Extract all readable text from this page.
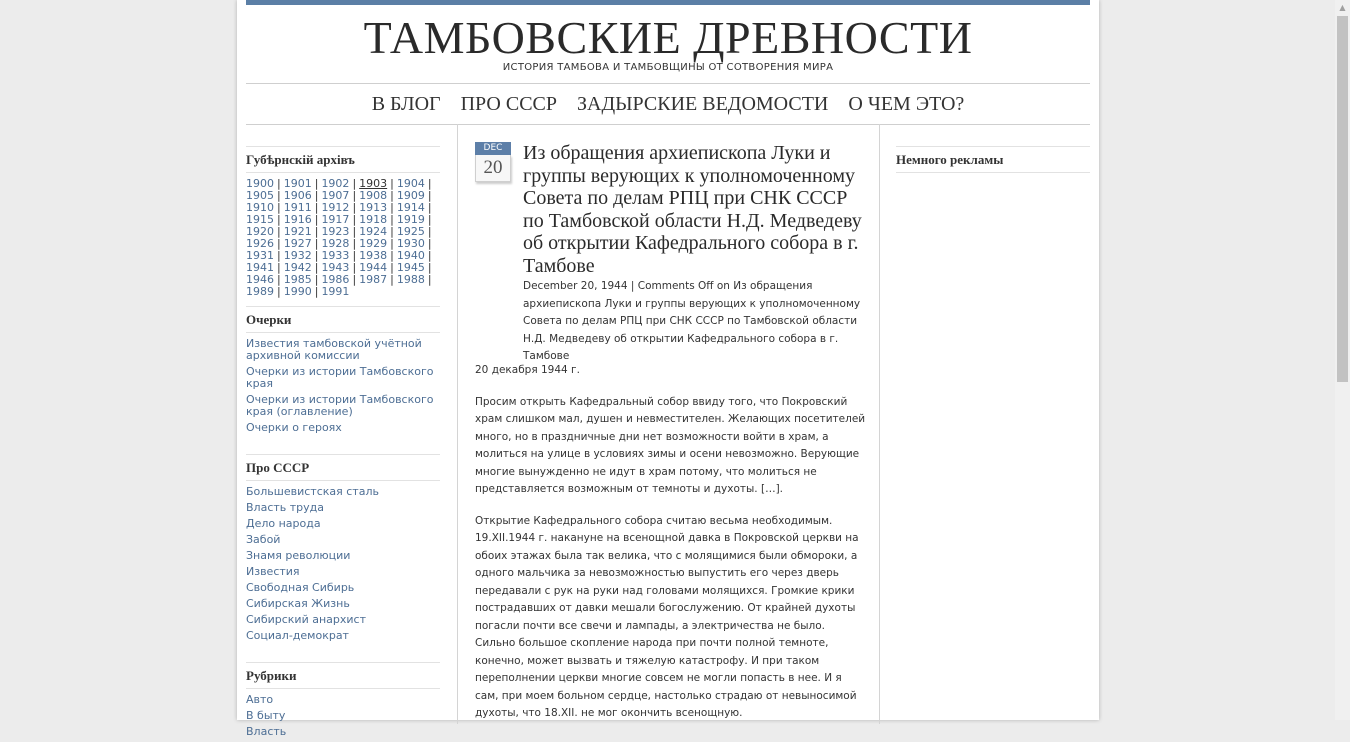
ТАМБОВСКИЕ ДРЕВНОСТИ
ИСТОРИЯ ТАМБОВА И ТАМБОВЩИНЫ ОТ СОТВОРЕНИЯ МИРА
В БЛОГ	ПРО СССР	ЗАДЫРСКИЕ ВЕДОМОСТИ	О ЧЕМ ЭТО?
Губѣрнскій архівъ
1900 | 1901 | 1902 | 1903 | 1904 |
1905 | 1906 | 1907 | 1908 | 1909 |
1910 | 1911 | 1912 | 1913 | 1914 |
1915 | 1916 | 1917 | 1918 | 1919 |
1920 | 1921 | 1923 | 1924 | 1925 |
1926 | 1927 | 1928 | 1929 | 1930 |
1931 | 1932 | 1933 | 1938 | 1940 |
1941 | 1942 | 1943 | 1944 | 1945 |
1946 | 1985 | 1986 | 1987 | 1988 |
1989 | 1990 | 1991
Очерки
Известия тамбовской учётной архивной комиссии
Очерки из истории Тамбовского края
Очерки из истории Тамбовского края (оглавление)
Очерки о героях
Про СССР
Большевистская сталь
Власть труда
Дело народа
Забой
Знамя революции
Известия
Свободная Сибирь
Сибирская Жизнь
Сибирский анархист
Социал-демократ
Рубрики
Авто
В быту
Власть
DEC
20
Из обращения архиепископа Луки и группы верующих к уполномоченному Совета по делам РПЦ при СНК СССР по Тамбовской области Н.Д. Медведеву об открытии Кафедрального собора в г. Тамбове
December 20, 1944 | Comments Off on Из обращения архиепископа Луки и группы верующих к уполномоченному Совета по делам РПЦ при СНК СССР по Тамбовской области Н.Д. Медведеву об открытии Кафедрального собора в г. Тамбове

20 декабря 1944 г.

Просим открыть Кафедральный собор ввиду того, что Покровский храм слишком мал, душен и невместителен. Желающих посетителей много, но в праздничные дни нет возможности войти в храм, а молиться на улице в условиях зимы и осени невозможно. Верующие многие вынужденно не идут в храм потому, что молиться не представляется возможным от темноты и духоты. […].

Открытие Кафедрального собора считаю весьма необходимым. 19.XII.1944 г. накануне на всенощной давка в Покровской церкви на обоих этажах была так велика, что с молящимися были обмороки, а одного мальчика за невозможностью выпустить его через дверь передавали с рук на руки над головами молящихся. Громкие крики пострадавших от давки мешали богослужению. От крайней духоты погасли почти все свечи и лампады, а электричества не было. Сильно большое скопление народа при почти полной темноте, конечно, может вызвать и тяжелую катастрофу. И при таком переполнении церкви многие совсем не могли попасть в нее. И я сам, при моем больном сердце, настолько страдаю от невыносимой духоты, что 18.XII. не мог окончить всенощную.

Немного рекламы
▲
